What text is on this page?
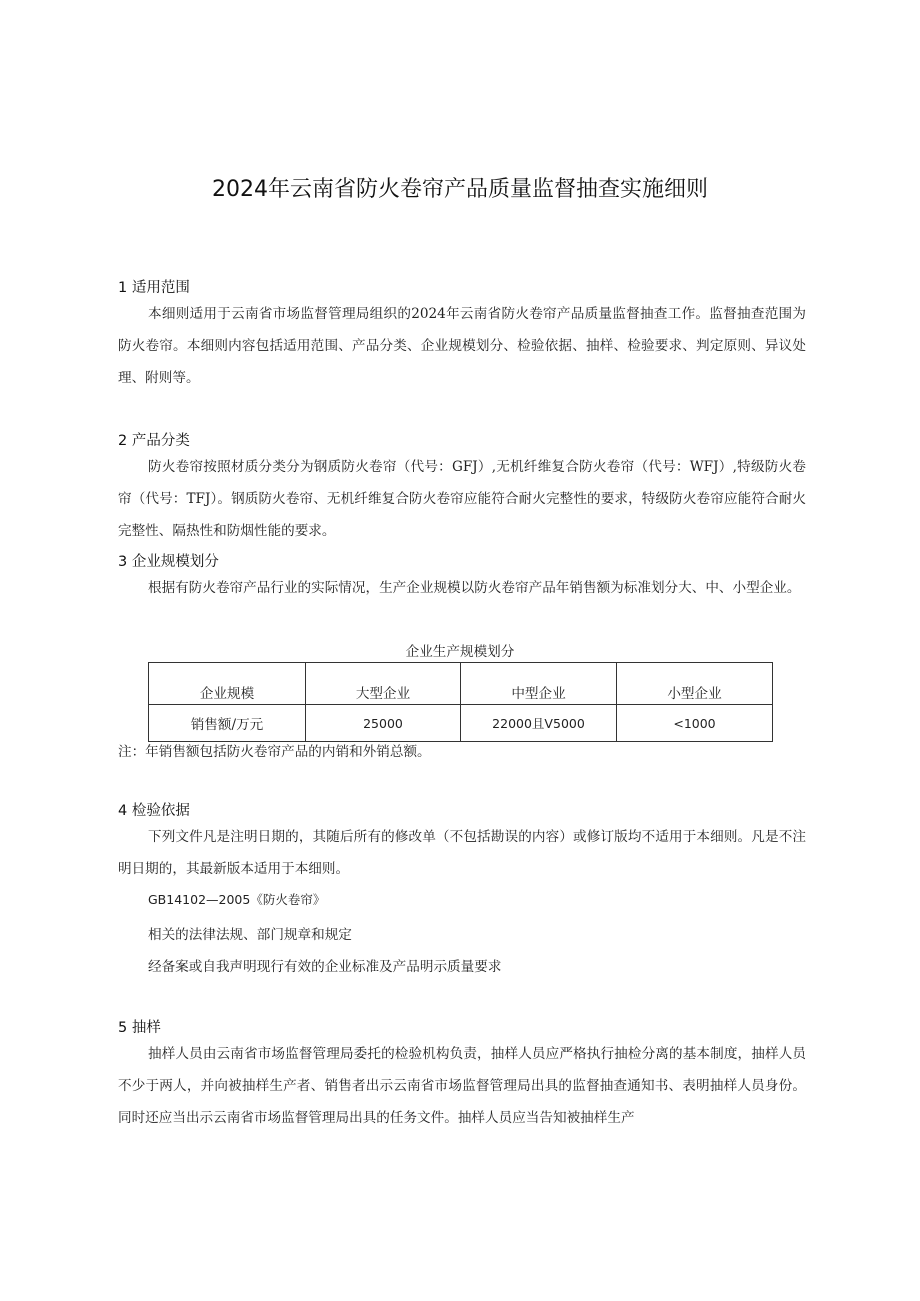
2024年云南省防火卷帘产品质量监督抽查实施细则
1 适用范围

本细则适用于云南省市场监督管理局组织的2024年云南省防火卷帘产品质量监督抽查工作。监督抽查范围为防火卷帘。本细则内容包括适用范围、产品分类、企业规模划分、检验依据、抽样、检验要求、判定原则、异议处理、附则等。

2 产品分类

防火卷帘按照材质分类分为钢质防火卷帘（代号：GFJ）,无机纤维复合防火卷帘（代号：WFJ）,特级防火卷帘（代号：TFJ）。钢质防火卷帘、无机纤维复合防火卷帘应能符合耐火完整性的要求，特级防火卷帘应能符合耐火完整性、隔热性和防烟性能的要求。

3 企业规模划分

根据有防火卷帘产品行业的实际情况，生产企业规模以防火卷帘产品年销售额为标准划分大、中、小型企业。

企业生产规模划分
企业规模	大型企业	中型企业	小型企业
销售额/万元	25000	22000且V5000	<1000
注：年销售额包括防火卷帘产品的内销和外销总额。
4 检验依据

下列文件凡是注明日期的，其随后所有的修改单（不包括勘误的内容）或修订版均不适用于本细则。凡是不注明日期的，其最新版本适用于本细则。

GB14102—2005《防火卷帘》
相关的法律法规、部门规章和规定
经备案或自我声明现行有效的企业标准及产品明示质量要求
5 抽样

抽样人员由云南省市场监督管理局委托的检验机构负责，抽样人员应严格执行抽检分离的基本制度，抽样人员不少于两人，并向被抽样生产者、销售者出示云南省市场监督管理局出具的监督抽查通知书、表明抽样人员身份。同时还应当出示云南省市场监督管理局出具的任务文件。抽样人员应当告知被抽样生产
